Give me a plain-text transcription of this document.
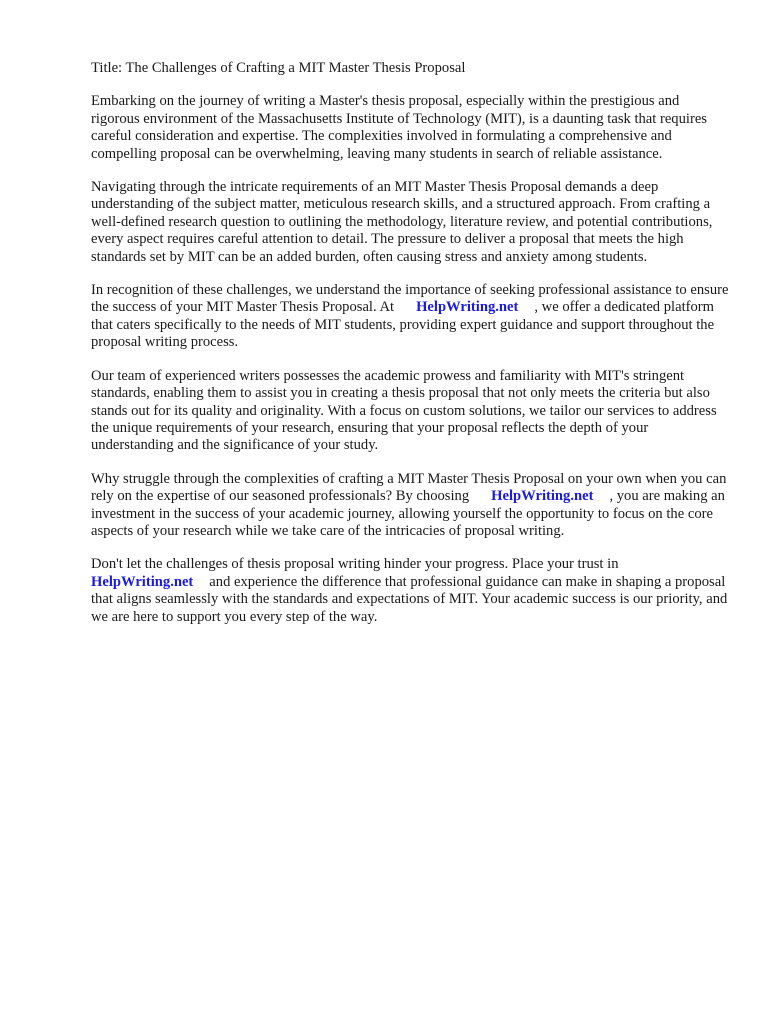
Title: The Challenges of Crafting a MIT Master Thesis Proposal

Embarking on the journey of writing a Master's thesis proposal, especially within the prestigious and rigorous environment of the Massachusetts Institute of Technology (MIT), is a daunting task that requires careful consideration and expertise. The complexities involved in formulating a comprehensive and compelling proposal can be overwhelming, leaving many students in search of reliable assistance.

Navigating through the intricate requirements of an MIT Master Thesis Proposal demands a deep understanding of the subject matter, meticulous research skills, and a structured approach. From crafting a well-defined research question to outlining the methodology, literature review, and potential contributions, every aspect requires careful attention to detail. The pressure to deliver a proposal that meets the high standards set by MIT can be an added burden, often causing stress and anxiety among students.

In recognition of these challenges, we understand the importance of seeking professional assistance to ensure the success of your MIT Master Thesis Proposal. At HelpWriting.net , we offer a dedicated platform that caters specifically to the needs of MIT students, providing expert guidance and support throughout the proposal writing process.

Our team of experienced writers possesses the academic prowess and familiarity with MIT's stringent standards, enabling them to assist you in creating a thesis proposal that not only meets the criteria but also stands out for its quality and originality. With a focus on custom solutions, we tailor our services to address the unique requirements of your research, ensuring that your proposal reflects the depth of your understanding and the significance of your study.

Why struggle through the complexities of crafting a MIT Master Thesis Proposal on your own when you can rely on the expertise of our seasoned professionals? By choosing HelpWriting.net , you are making an investment in the success of your academic journey, allowing yourself the opportunity to focus on the core aspects of your research while we take care of the intricacies of proposal writing.

Don't let the challenges of thesis proposal writing hinder your progress. Place your trust in HelpWriting.net and experience the difference that professional guidance can make in shaping a proposal that aligns seamlessly with the standards and expectations of MIT. Your academic success is our priority, and we are here to support you every step of the way.
